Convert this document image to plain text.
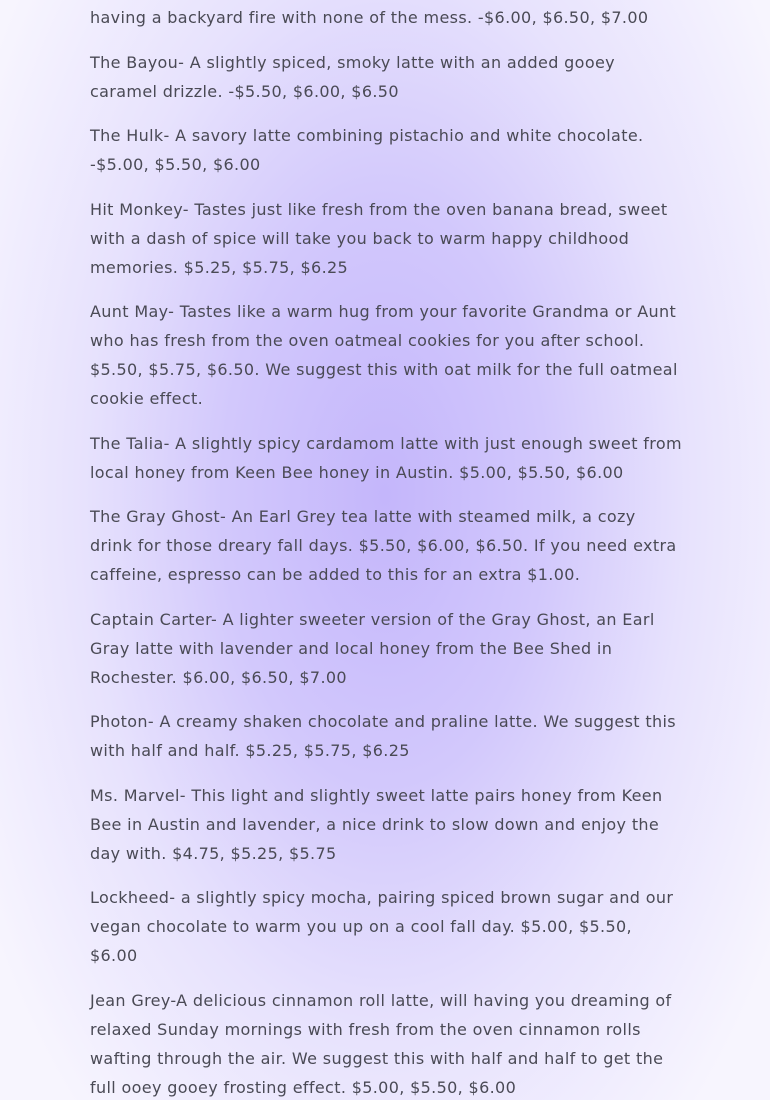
having a backyard fire with none of the mess. -$6.00, $6.50, $7.00

The Bayou- A slightly spiced, smoky latte with an added gooey caramel drizzle. -$5.50, $6.00, $6.50

The Hulk- A savory latte combining pistachio and white chocolate. -$5.00, $5.50, $6.00

Hit Monkey- Tastes just like fresh from the oven banana bread, sweet with a dash of spice will take you back to warm happy childhood memories. $5.25, $5.75, $6.25

Aunt May- Tastes like a warm hug from your favorite Grandma or Aunt who has fresh from the oven oatmeal cookies for you after school. $5.50, $5.75, $6.50. We suggest this with oat milk for the full oatmeal cookie effect.

The Talia- A slightly spicy cardamom latte with just enough sweet from local honey from Keen Bee honey in Austin. $5.00, $5.50, $6.00

The Gray Ghost- An Earl Grey tea latte with steamed milk, a cozy drink for those dreary fall days. $5.50, $6.00, $6.50. If you need extra caffeine, espresso can be added to this for an extra $1.00.

Captain Carter- A lighter sweeter version of the Gray Ghost, an Earl Gray latte with lavender and local honey from the Bee Shed in Rochester. $6.00, $6.50, $7.00

Photon- A creamy shaken chocolate and praline latte. We suggest this with half and half. $5.25, $5.75, $6.25

Ms. Marvel- This light and slightly sweet latte pairs honey from Keen Bee in Austin and lavender, a nice drink to slow down and enjoy the day with. $4.75, $5.25, $5.75

Lockheed- a slightly spicy mocha, pairing spiced brown sugar and our vegan chocolate to warm you up on a cool fall day. $5.00, $5.50, $6.00

Jean Grey-A delicious cinnamon roll latte, will having you dreaming of relaxed Sunday mornings with fresh from the oven cinnamon rolls wafting through the air. We suggest this with half and half to get the full ooey gooey frosting effect. $5.00, $5.50, $6.00
